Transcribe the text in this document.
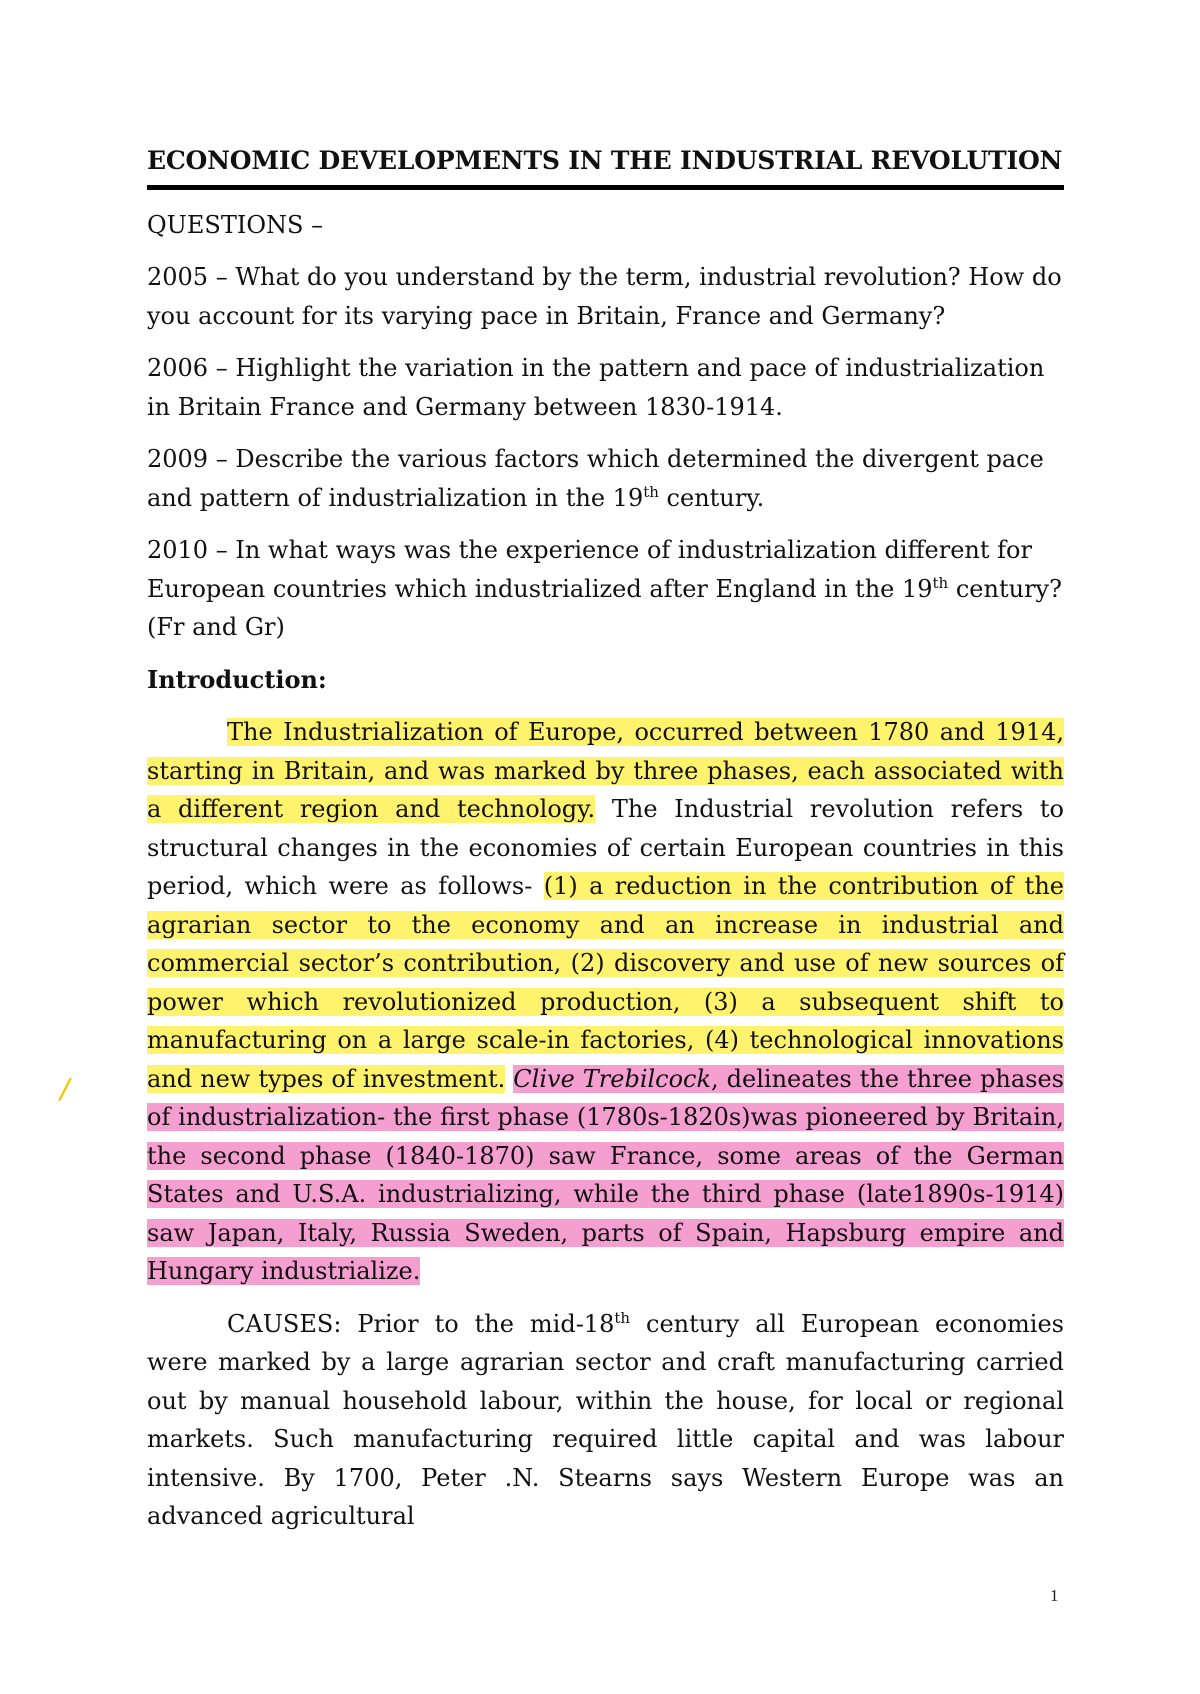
ECONOMIC DEVELOPMENTS IN THE INDUSTRIAL REVOLUTION

QUESTIONS –

2005 – What do you understand by the term, industrial revolution? How do you account for its varying pace in Britain, France and Germany?

2006 – Highlight the variation in the pattern and pace of industrialization in Britain France and Germany between 1830-1914.

2009 – Describe the various factors which determined the divergent pace and pattern of industrialization in the 19th century.

2010 – In what ways was the experience of industrialization different for European countries which industrialized after England in the 19th century?

(Fr and Gr)

Introduction:

The Industrialization of Europe, occurred between 1780 and 1914, starting in Britain, and was marked by three phases, each associated with a different region and technology. The Industrial revolution refers to structural changes in the economies of certain European countries in this period, which were as follows- (1) a reduction in the contribution of the agrarian sector to the economy and an increase in industrial and commercial sector’s contribution, (2) discovery and use of new sources of power which revolutionized production, (3) a subsequent shift to manufacturing on a large scale-in factories, (4) technological innovations and new types of investment. Clive Trebilcock, delineates the three phases of industrialization- the first phase (1780s-1820s)was pioneered by Britain, the second phase (1840-1870) saw France, some areas of the German States and U.S.A. industrializing, while the third phase (late1890s-1914) saw Japan, Italy, Russia Sweden, parts of Spain, Hapsburg empire and Hungary industrialize.

CAUSES: Prior to the mid-18th century all European economies were marked by a large agrarian sector and craft manufacturing carried out by manual household labour, within the house, for local or regional markets. Such manufacturing required little capital and was labour intensive. By 1700, Peter .N. Stearns says Western Europe was an advanced agricultural

/
1
